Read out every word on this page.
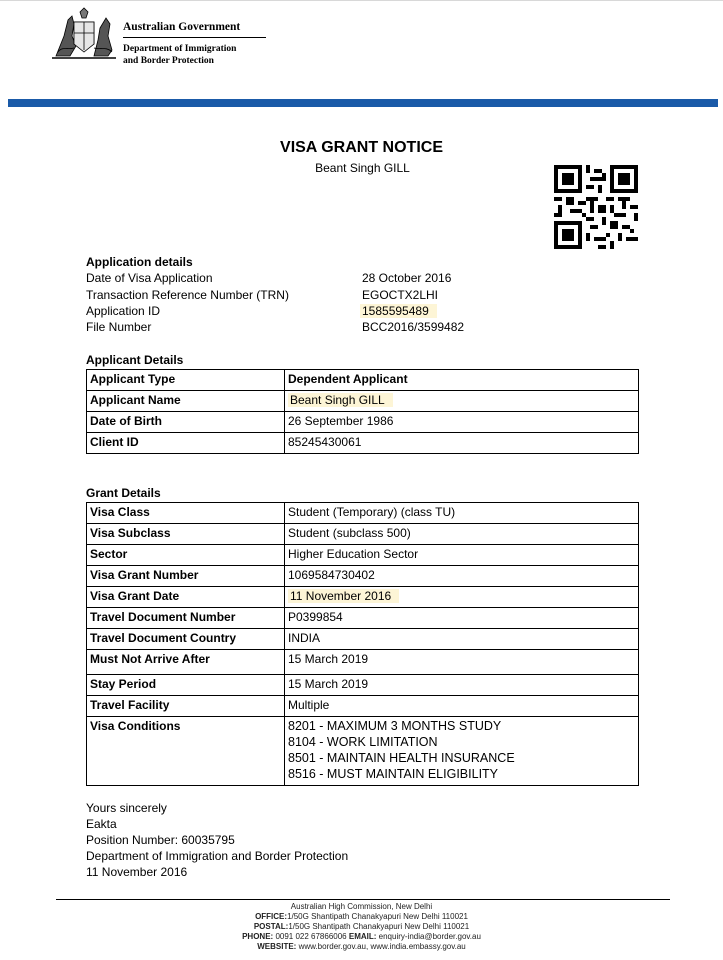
Australian Government
Department of Immigration
and Border Protection
VISA GRANT NOTICE
Beant Singh GILL
Application details
Date of Visa Application	28 October 2016
Transaction Reference Number (TRN)	EGOCTX2LHI
Application ID	1585595489
File Number	BCC2016/3599482
Applicant Details
Applicant Type	Dependent Applicant
Applicant Name	Beant Singh GILL
Date of Birth	26 September 1986
Client ID	85245430061
Grant Details
Visa Class	Student (Temporary) (class TU)
Visa Subclass	Student (subclass 500)
Sector	Higher Education Sector
Visa Grant Number	1069584730402
Visa Grant Date	11 November 2016
Travel Document Number	P0399854
Travel Document Country	INDIA
Must Not Arrive After	15 March 2019
Stay Period	15 March 2019
Travel Facility	Multiple
Visa Conditions	8201 - MAXIMUM 3 MONTHS STUDY
8104 - WORK LIMITATION
8501 - MAINTAIN HEALTH INSURANCE
8516 - MUST MAINTAIN ELIGIBILITY
Yours sincerely
Eakta
Position Number: 60035795
Department of Immigration and Border Protection
11 November 2016
Australian High Commission, New Delhi
OFFICE:1/50G Shantipath Chanakyapuri New Delhi 110021
POSTAL:1/50G Shantipath Chanakyapuri New Delhi 110021
PHONE: 0091 022 67866006 EMAIL: enquiry-india@border.gov.au
WEBSITE: www.border.gov.au, www.india.embassy.gov.au
